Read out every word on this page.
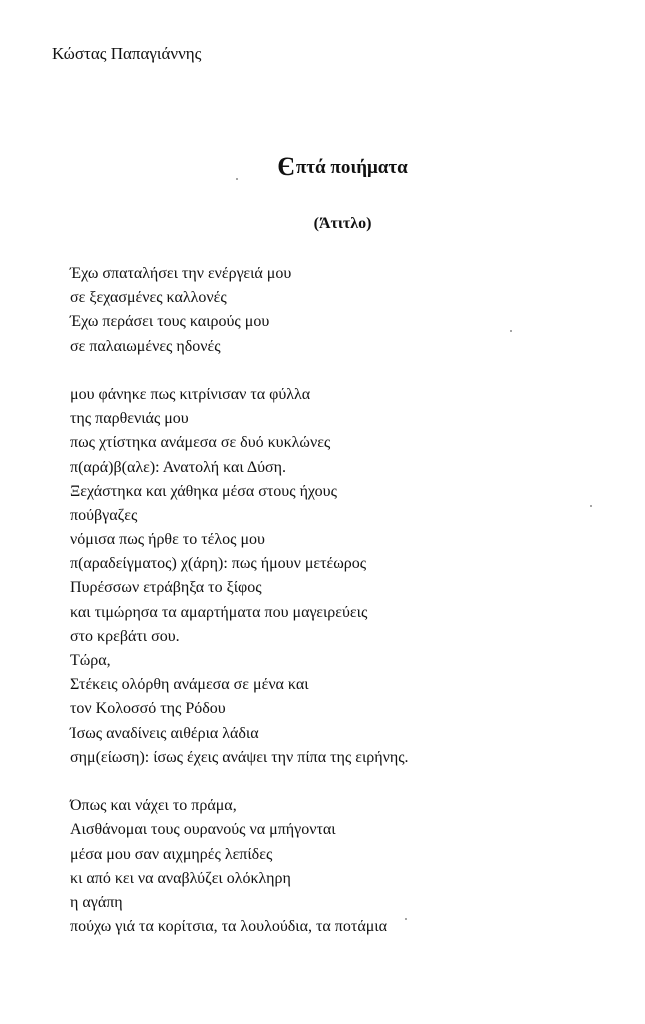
Κώστας Παπαγιάννης
Єπτά ποιήματα
(Άτιτλο)
Έχω σπαταλήσει την ενέργειά μου
σε ξεχασμένες καλλονές
Έχω περάσει τους καιρούς μου
σε παλαιωμένες ηδονές
μου φάνηκε πως κιτρίνισαν τα φύλλα
της παρθενιάς μου
πως χτίστηκα ανάμεσα σε δυό κυκλώνες
π(αρά)β(αλε): Ανατολή και Δύση.
Ξεχάστηκα και χάθηκα μέσα στους ήχους
πούβγαζες
νόμισα πως ήρθε το τέλος μου
π(αραδείγματος) χ(άρη): πως ήμουν μετέωρος
Πυρέσσων ετράβηξα το ξίφος
και τιμώρησα τα αμαρτήματα που μαγειρεύεις
στο κρεβάτι σου.
Τώρα,
Στέκεις ολόρθη ανάμεσα σε μένα και
τον Κολοσσό της Ρόδου
Ίσως αναδίνεις αιθέρια λάδια
σημ(είωση): ίσως έχεις ανάψει την πίπα της ειρήνης.
Όπως και νάχει το πράμα,
Αισθάνομαι τους ουρανούς να μπήγονται
μέσα μου σαν αιχμηρές λεπίδες
κι από κει να αναβλύζει ολόκληρη
η αγάπη
πούχω γιά τα κορίτσια, τα λουλούδια, τα ποτάμια
